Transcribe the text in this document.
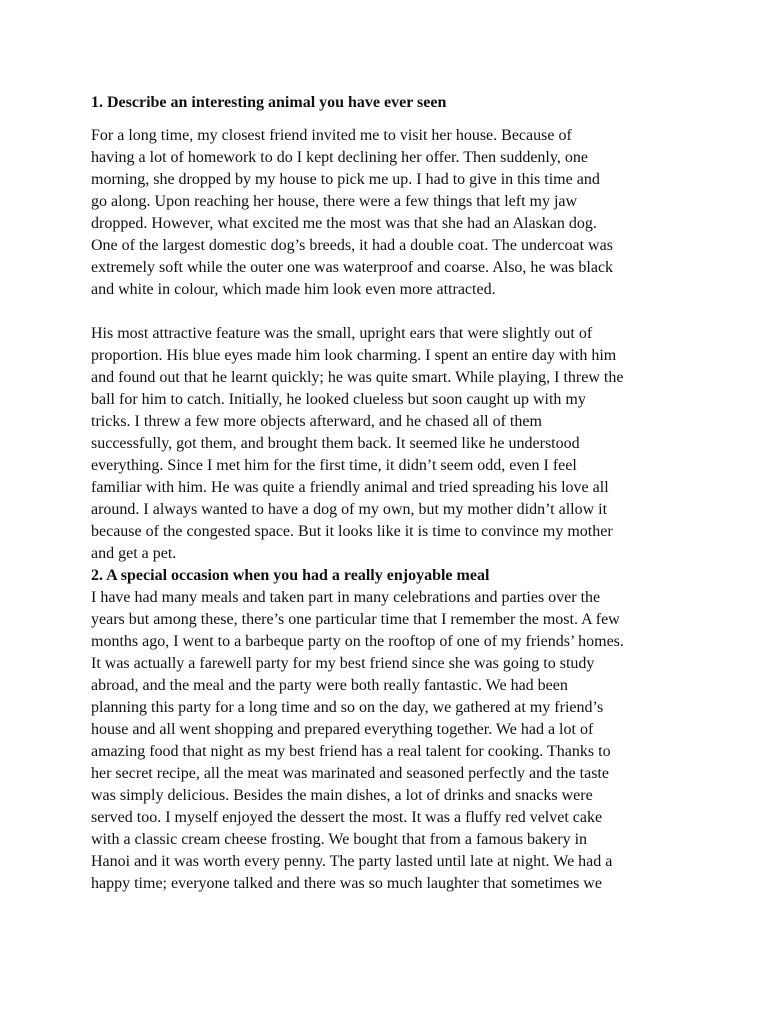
1. Describe an interesting animal you have ever seen

For a long time, my closest friend invited me to visit her house. Because of

having a lot of homework to do I kept declining her offer. Then suddenly, one

morning, she dropped by my house to pick me up. I had to give in this time and

go along. Upon reaching her house, there were a few things that left my jaw

dropped. However, what excited me the most was that she had an Alaskan dog.

One of the largest domestic dog’s breeds, it had a double coat. The undercoat was

extremely soft while the outer one was waterproof and coarse. Also, he was black

and white in colour, which made him look even more attracted.

His most attractive feature was the small, upright ears that were slightly out of

proportion. His blue eyes made him look charming. I spent an entire day with him

and found out that he learnt quickly; he was quite smart. While playing, I threw the

ball for him to catch. Initially, he looked clueless but soon caught up with my

tricks. I threw a few more objects afterward, and he chased all of them

successfully, got them, and brought them back. It seemed like he understood

everything. Since I met him for the first time, it didn’t seem odd, even I feel

familiar with him. He was quite a friendly animal and tried spreading his love all

around. I always wanted to have a dog of my own, but my mother didn’t allow it

because of the congested space. But it looks like it is time to convince my mother

and get a pet.

2. A special occasion when you had a really enjoyable meal

I have had many meals and taken part in many celebrations and parties over the

years but among these, there’s one particular time that I remember the most. A few

months ago, I went to a barbeque party on the rooftop of one of my friends’ homes.

It was actually a farewell party for my best friend since she was going to study

abroad, and the meal and the party were both really fantastic. We had been

planning this party for a long time and so on the day, we gathered at my friend’s

house and all went shopping and prepared everything together. We had a lot of

amazing food that night as my best friend has a real talent for cooking. Thanks to

her secret recipe, all the meat was marinated and seasoned perfectly and the taste

was simply delicious. Besides the main dishes, a lot of drinks and snacks were

served too. I myself enjoyed the dessert the most. It was a fluffy red velvet cake

with a classic cream cheese frosting. We bought that from a famous bakery in

Hanoi and it was worth every penny. The party lasted until late at night. We had a

happy time; everyone talked and there was so much laughter that sometimes we
